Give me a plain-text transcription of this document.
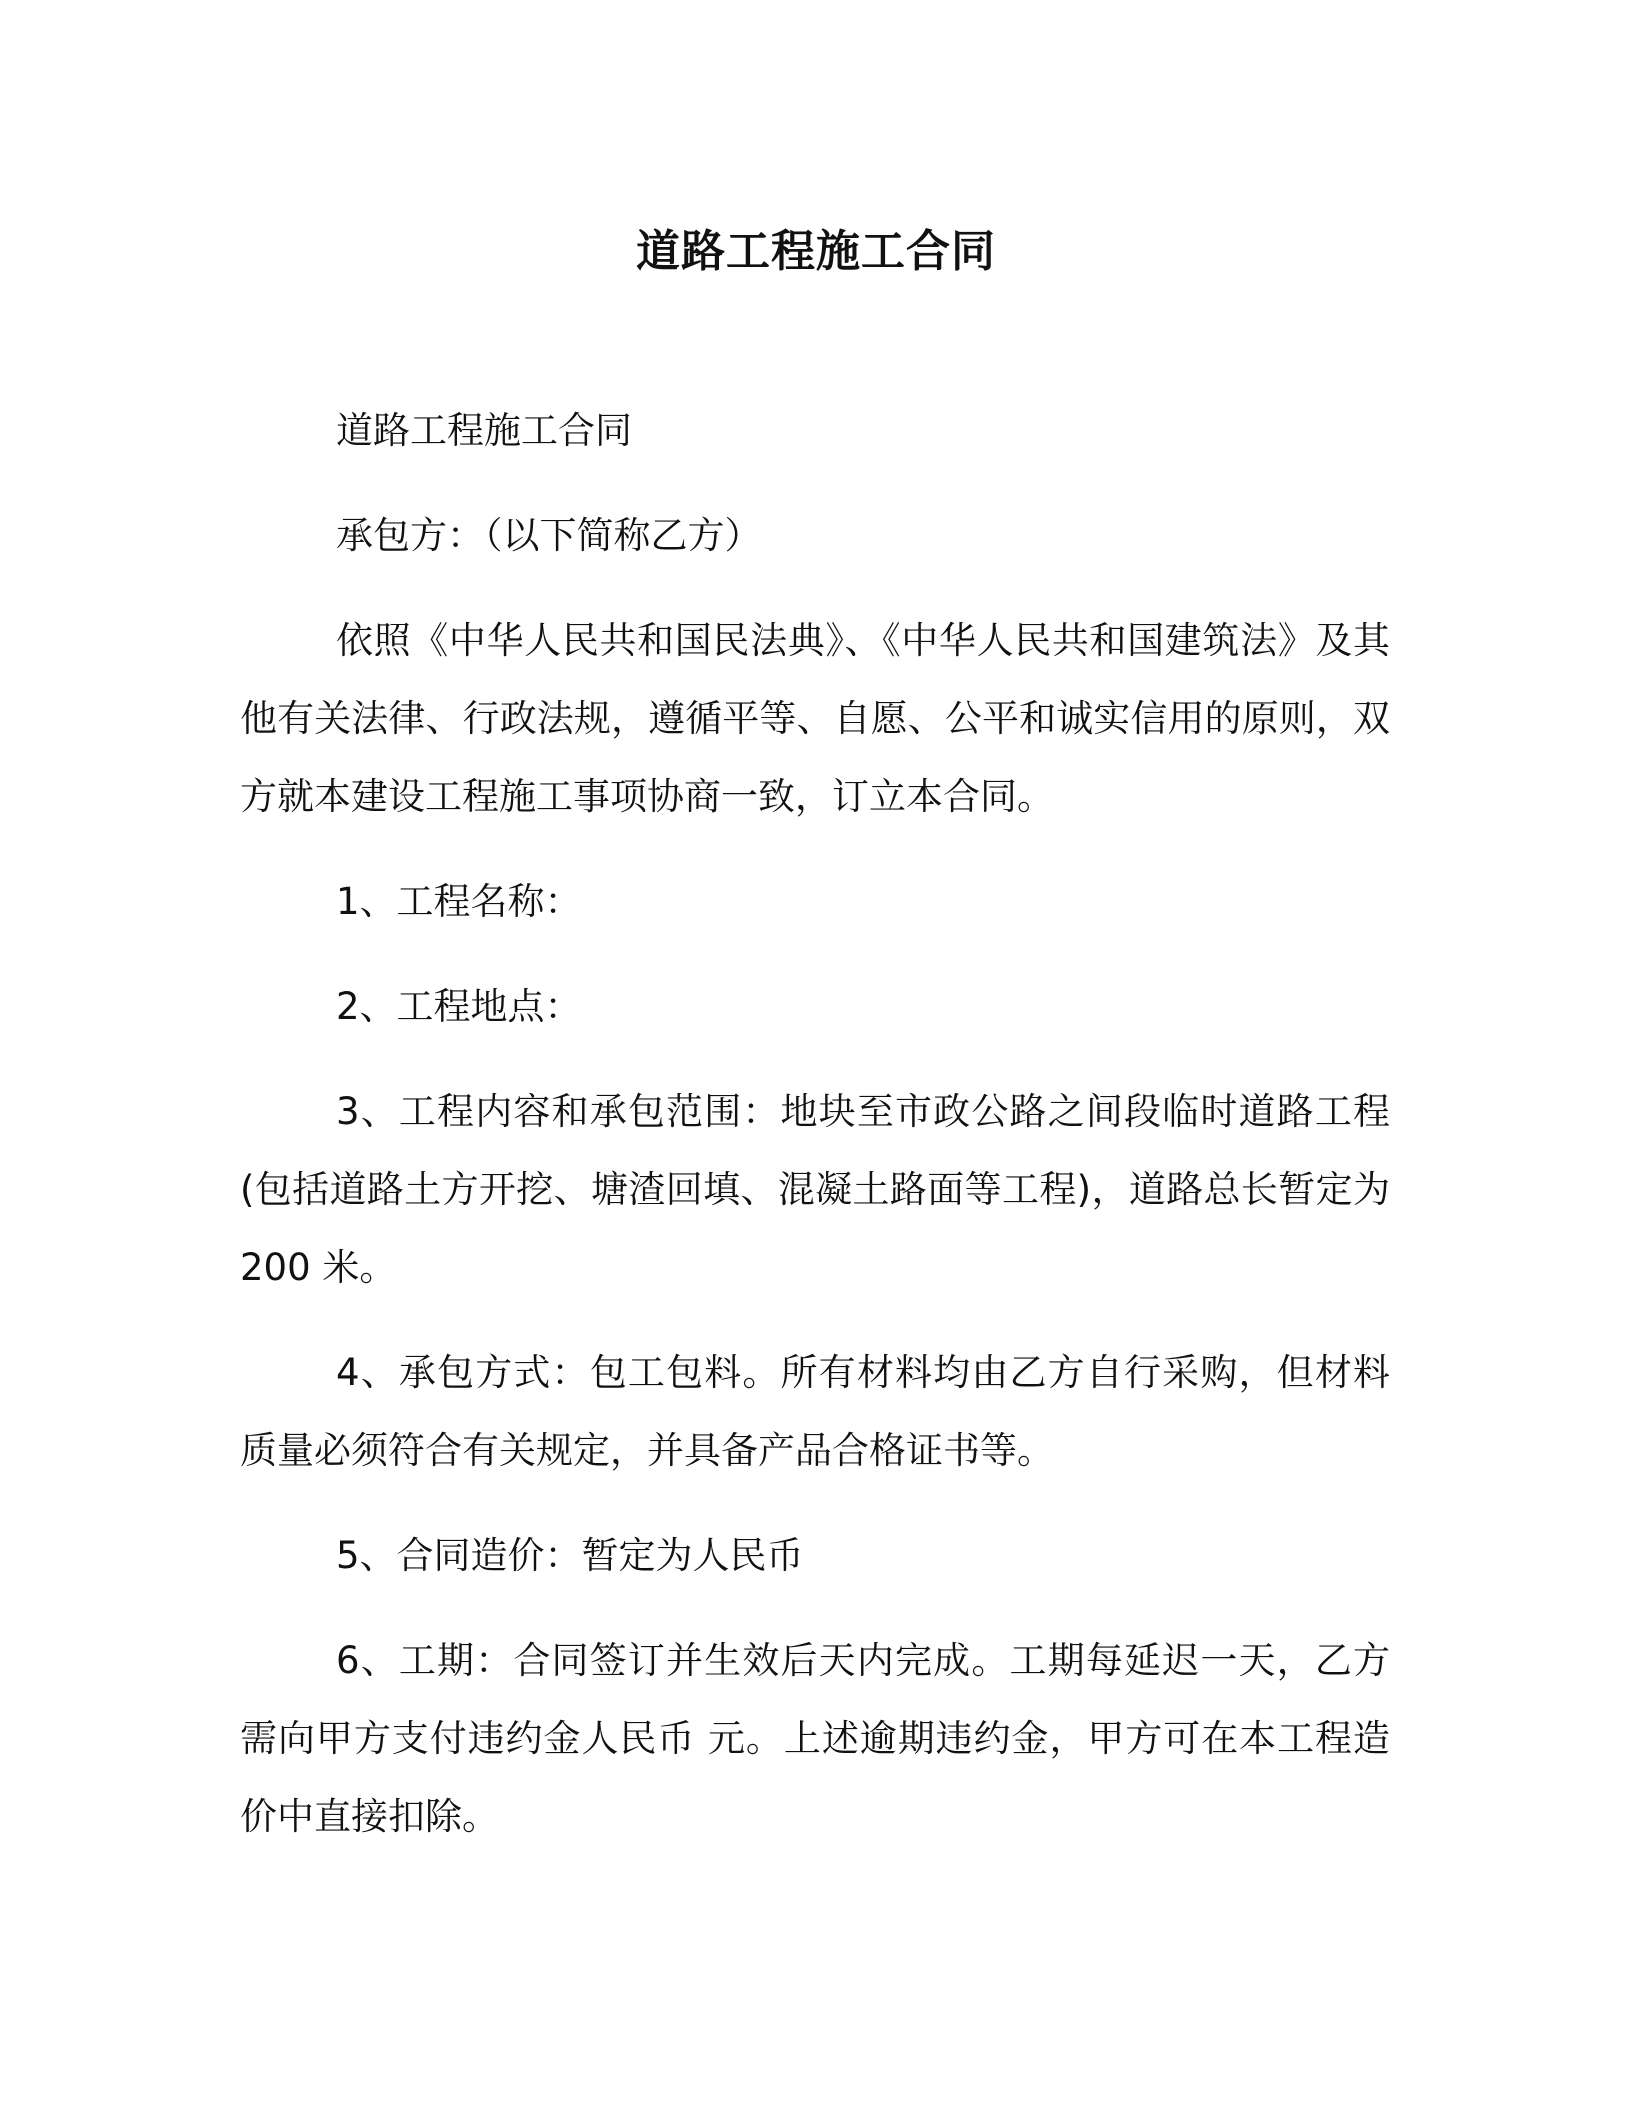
道路工程施工合同

道路工程施工合同

承包方：（以下简称乙方）

依照《中华人民共和国民法典》、《中华人民共和国建筑法》及其他有关法律、行政法规，遵循平等、自愿、公平和诚实信用的原则，双方就本建设工程施工事项协商一致，订立本合同。

1、工程名称：

2、工程地点：

3、工程内容和承包范围：地块至市政公路之间段临时道路工程(包括道路土方开挖、塘渣回填、混凝土路面等工程)，道路总长暂定为 200 米。

4、承包方式：包工包料。所有材料均由乙方自行采购，但材料质量必须符合有关规定，并具备产品合格证书等。

5、合同造价：暂定为人民币

6、工期：合同签订并生效后天内完成。工期每延迟一天，乙方需向甲方支付违约金人民币 元。上述逾期违约金，甲方可在本工程造价中直接扣除。
